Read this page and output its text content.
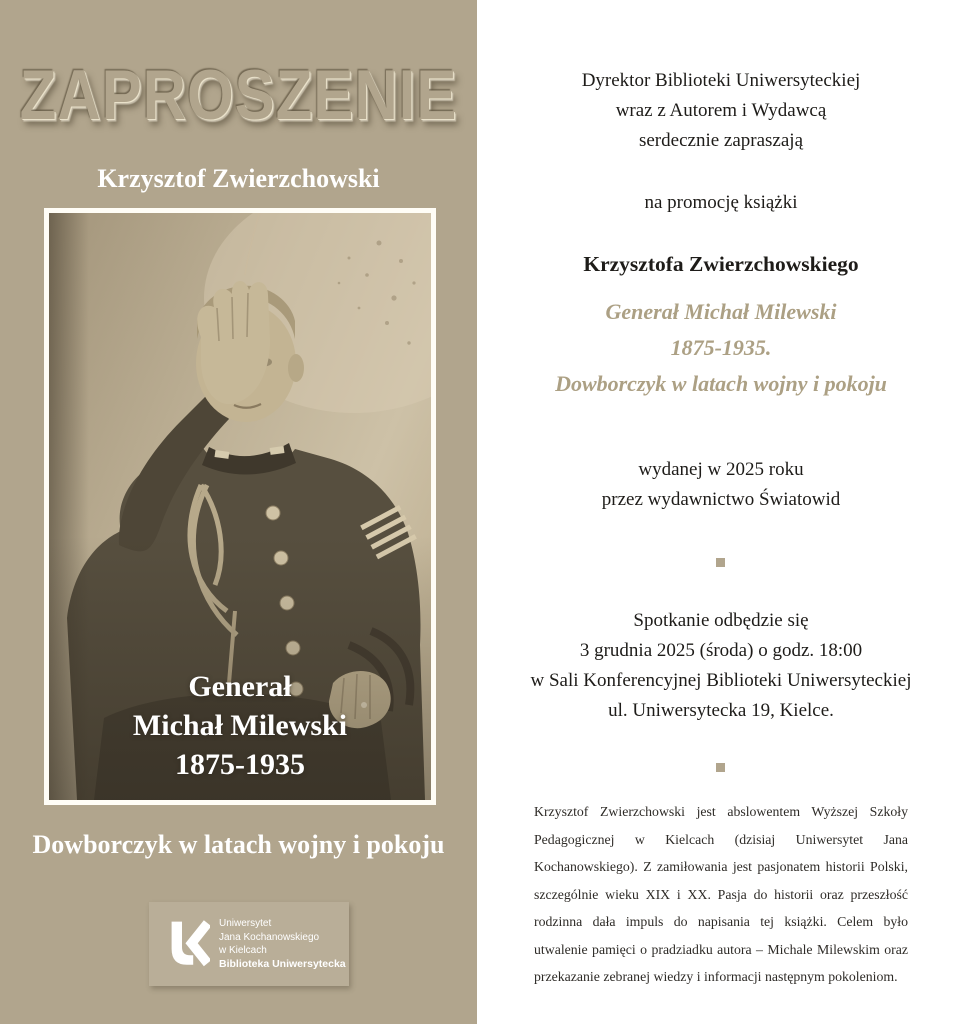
ZAPROSZENIE
Krzysztof Zwierzchowski
Generał
Michał Milewski
1875-1935
Dowborczyk w latach wojny i pokoju
Uniwersytet
Jana Kochanowskiego
w Kielcach
Biblioteka Uniwersytecka
Dyrektor Biblioteki Uniwersyteckiej
wraz z Autorem i Wydawcą
serdecznie zapraszają
na promocję książki
Krzysztofa Zwierzchowskiego
Generał Michał Milewski
1875-1935.
Dowborczyk w latach wojny i pokoju
wydanej w 2025 roku
przez wydawnictwo Światowid
Spotkanie odbędzie się
3 grudnia 2025 (środa) o godz. 18:00
w Sali Konferencyjnej Biblioteki Uniwersyteckiej
ul. Uniwersytecka 19, Kielce.
Krzysztof Zwierzchowski jest abslowentem Wyższej Szkoły Pedagogicznej w Kielcach (dzisiaj Uniwersytet Jana Kochanowskiego). Z zamiłowania jest pasjonatem historii Polski, szczególnie wieku XIX i XX. Pasja do historii oraz przeszłość rodzinna dała impuls do napisania tej książki. Celem było utwalenie pamięci o pradziadku autora – Michale Milewskim oraz przekazanie zebranej wiedzy i informacji następnym pokoleniom.
